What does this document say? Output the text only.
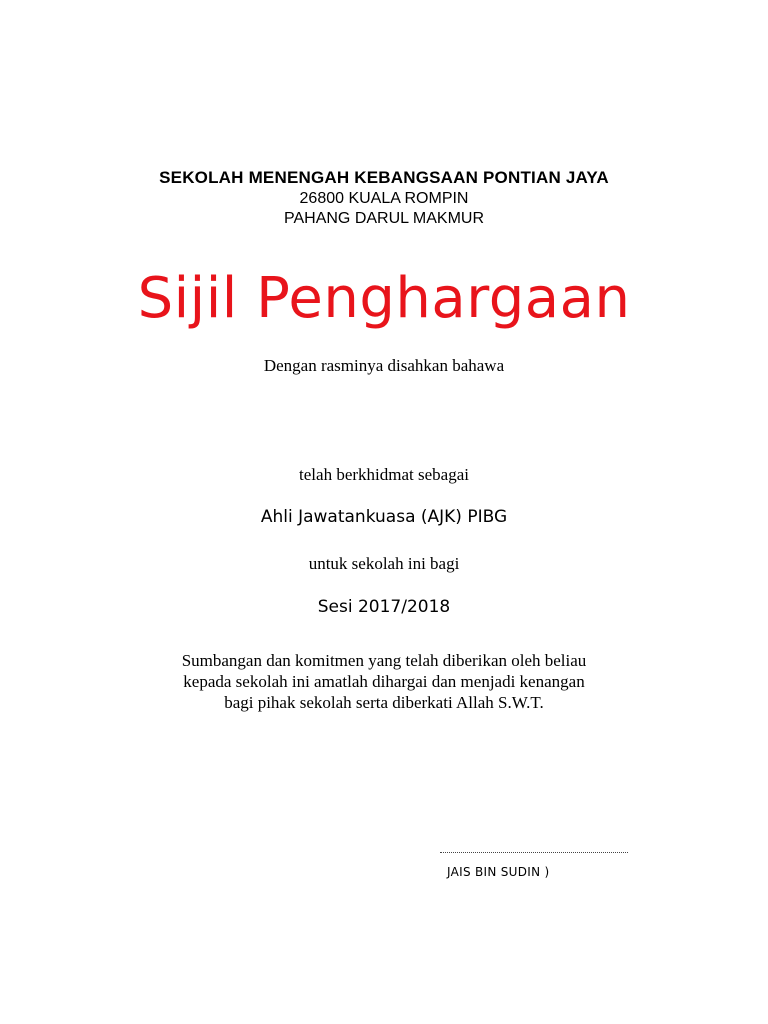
SEKOLAH MENENGAH KEBANGSAAN PONTIAN JAYA
26800 KUALA ROMPIN
PAHANG DARUL MAKMUR
Sijil Penghargaan
Dengan rasminya disahkan bahawa
telah berkhidmat sebagai
Ahli Jawatankuasa (AJK) PIBG
untuk sekolah ini bagi
Sesi 2017/2018
Sumbangan dan komitmen yang telah diberikan oleh beliau
kepada sekolah ini amatlah dihargai dan menjadi kenangan
bagi pihak sekolah serta diberkati Allah S.W.T.
JAIS BIN SUDIN )
